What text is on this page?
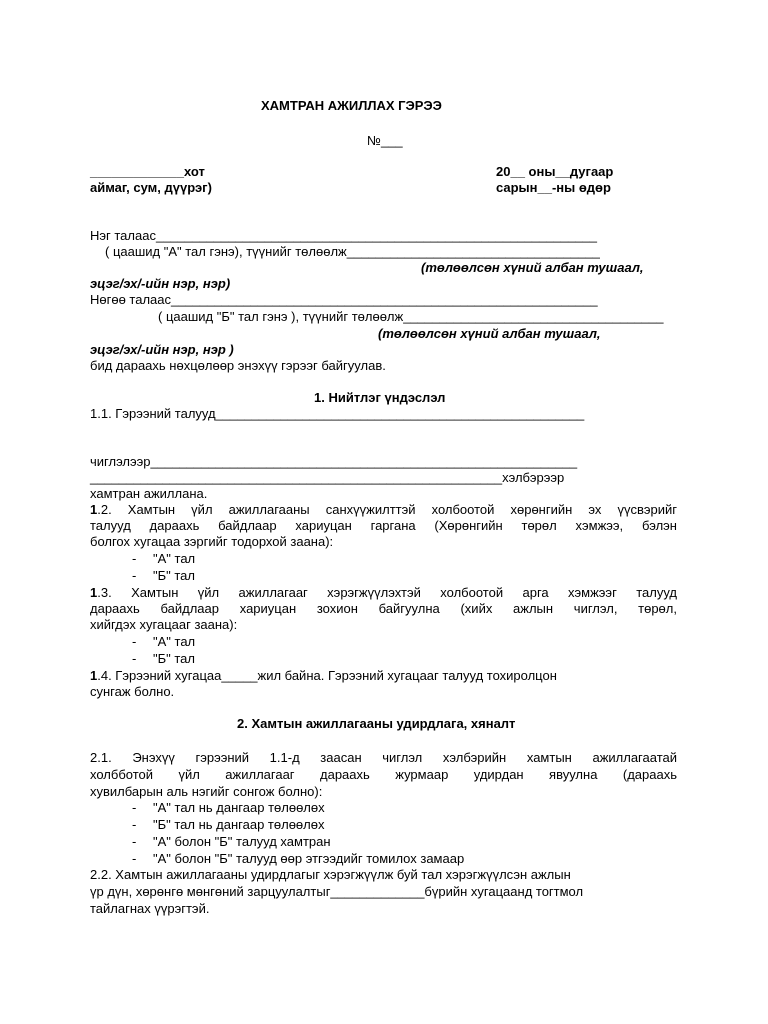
ХАМТРАН АЖИЛЛАХ ГЭРЭЭ
№___
_____________хот
аймаг, сум, дүүрэг)
20__ оны__дугаар
сарын__-ны өдөр
Нэг талаас_____________________________________________________________
( цаашид "А" тал гэнэ), түүнийг төлөөлж___________________________________
(төлөөлсөн хүний албан тушаал,
эцэг/эх/-ийн нэр, нэр)
Нөгөө талаас___________________________________________________________
( цаашид "Б" тал гэнэ ), түүнийг төлөөлж____________________________________
(төлөөлсөн хүний албан тушаал,
эцэг/эх/-ийн нэр, нэр )
бид дараахь нөхцөлөөр энэхүү гэрээг байгуулав.
1. Нийтлэг үндэслэл
1.1. Гэрээний талууд___________________________________________________
чиглэлээр___________________________________________________________
_________________________________________________________хэлбэрээр
хамтран ажиллана.
1.2. Хамтын үйл ажиллагааны санхүүжилттэй холбоотой хөрөнгийн эх үүсвэрийг
талууд дараахь байдлаар хариуцан гаргана (Хөрөнгийн төрөл хэмжээ, бэлэн
болгох хугацаа зэргийг тодорхой заана):
- "А" тал
- "Б" тал
1.3. Хамтын үйл ажиллагааг хэрэгжүүлэхтэй холбоотой арга хэмжээг талууд
дараахь байдлаар хариуцан зохион байгуулна (хийх ажлын чиглэл, төрөл,
хийгдэх хугацааг заана):
- "А" тал
- "Б" тал
1.4. Гэрээний хугацаа_____жил байна. Гэрээний хугацааг талууд тохиролцон
сунгаж болно.
2. Хамтын ажиллагааны удирдлага, хяналт
2.1. Энэхүү гэрээний 1.1-д заасан чиглэл хэлбэрийн хамтын ажиллагаатай
холбботой үйл ажиллагааг дараахь журмаар удирдан явуулна (дараахь
хувилбарын аль нэгийг сонгож болно):
- "А" тал нь дангаар төлөөлөх
- "Б" тал нь дангаар төлөөлөх
- "А" болон "Б" талууд хамтран
- "А" болон "Б" талууд өөр этгээдийг томилох замаар
2.2. Хамтын ажиллагааны удирдлагыг хэрэгжүүлж буй тал хэрэгжүүлсэн ажлын
үр дүн, хөрөнгө мөнгөний зарцуулалтыг_____________бүрийн хугацаанд тогтмол
тайлагнах үүрэгтэй.
